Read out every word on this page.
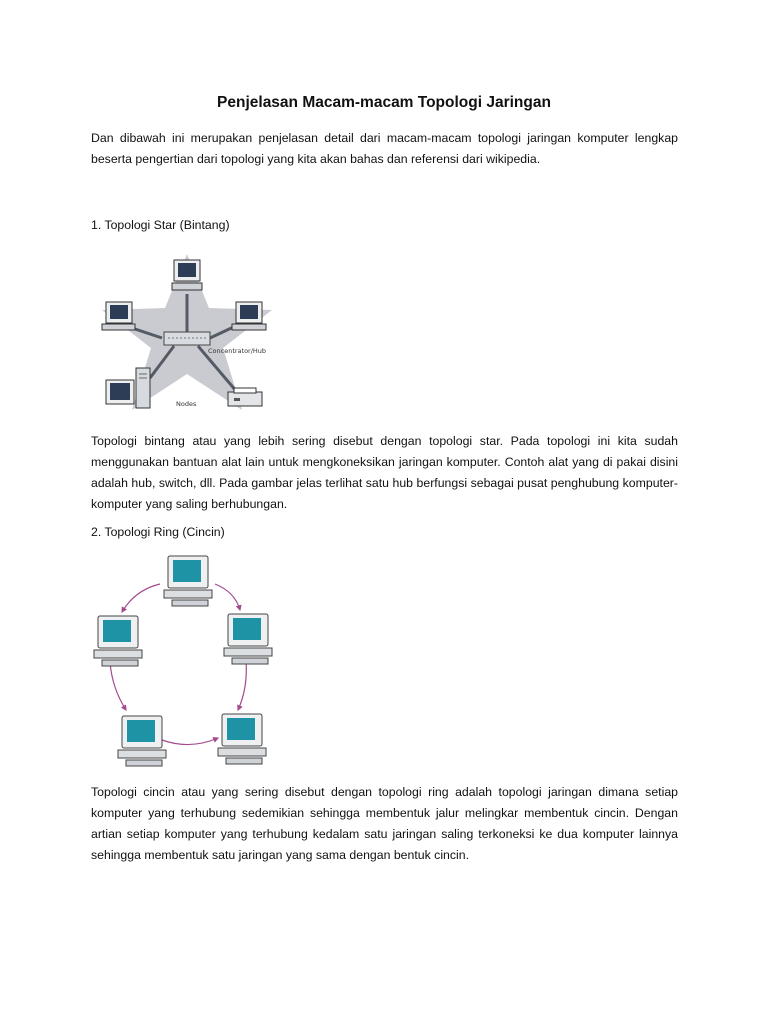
Penjelasan Macam-macam Topologi Jaringan

Dan dibawah ini merupakan penjelasan detail dari macam-macam topologi jaringan komputer lengkap beserta pengertian dari topologi yang kita akan bahas dan referensi dari wikipedia.

1. Topologi Star (Bintang)

Concentrator/Hub
Nodes

Topologi bintang atau yang lebih sering disebut dengan topologi star. Pada topologi ini kita sudah menggunakan bantuan alat lain untuk mengkoneksikan jaringan komputer. Contoh alat yang di pakai disini adalah hub, switch, dll. Pada gambar jelas terlihat satu hub berfungsi sebagai pusat penghubung komputer-komputer yang saling berhubungan.

2. Topologi Ring (Cincin)

Topologi cincin atau yang sering disebut dengan topologi ring adalah topologi jaringan dimana setiap komputer yang terhubung sedemikian sehingga membentuk jalur melingkar membentuk cincin. Dengan artian setiap komputer yang terhubung kedalam satu jaringan saling terkoneksi ke dua komputer lainnya sehingga membentuk satu jaringan yang sama dengan bentuk cincin.
